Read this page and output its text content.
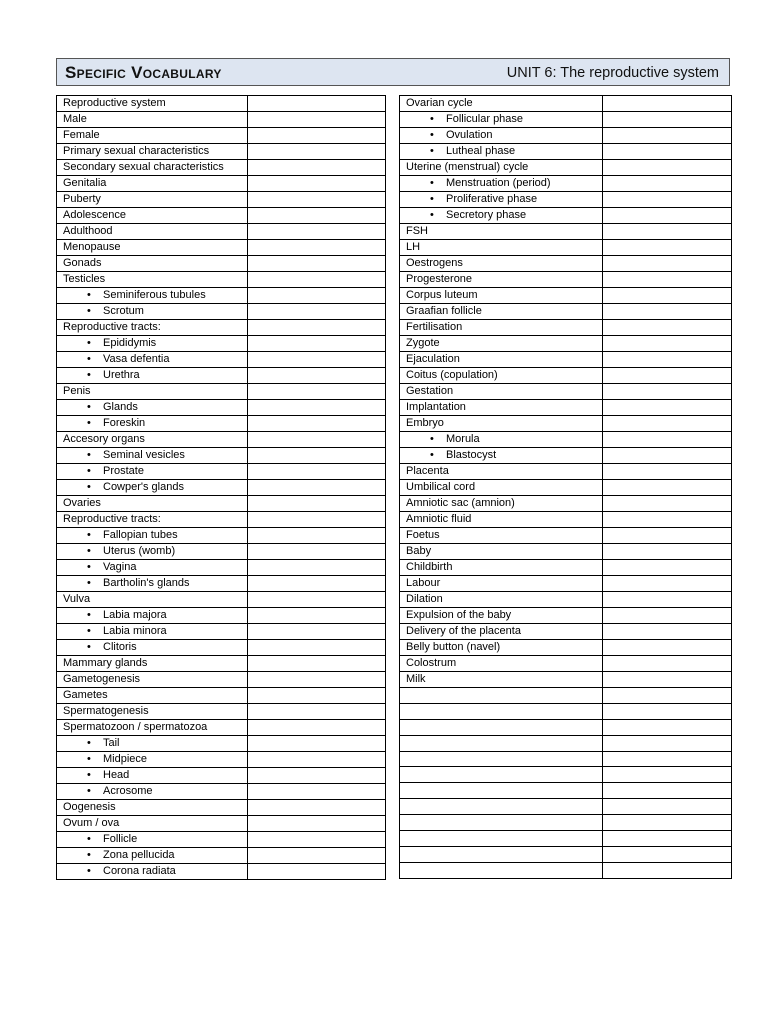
Specific Vocabulary	UNIT 6: The reproductive system
Reproductive system	
Male	
Female	
Primary sexual characteristics	
Secondary sexual characteristics	
Genitalia	
Puberty	
Adolescence	
Adulthood	
Menopause	
Gonads	
Testicles	
• Seminiferous tubules	
• Scrotum	
Reproductive tracts:	
• Epididymis	
• Vasa defentia	
• Urethra	
Penis	
• Glands	
• Foreskin	
Accesory organs	
• Seminal vesicles	
• Prostate	
• Cowper's glands	
Ovaries	
Reproductive tracts:	
• Fallopian tubes	
• Uterus (womb)	
• Vagina	
• Bartholin's glands	
Vulva	
• Labia majora	
• Labia minora	
• Clitoris	
Mammary glands	
Gametogenesis	
Gametes	
Spermatogenesis	
Spermatozoon / spermatozoa	
• Tail	
• Midpiece	
• Head	
• Acrosome	
Oogenesis	
Ovum / ova	
• Follicle	
• Zona pellucida	
• Corona radiata	
Ovarian cycle	
• Follicular phase	
• Ovulation	
• Lutheal phase	
Uterine (menstrual) cycle	
• Menstruation (period)	
• Proliferative phase	
• Secretory phase	
FSH	
LH	
Oestrogens	
Progesterone	
Corpus luteum	
Graafian follicle	
Fertilisation	
Zygote	
Ejaculation	
Coitus (copulation)	
Gestation	
Implantation	
Embryo	
• Morula	
• Blastocyst	
Placenta	
Umbilical cord	
Amniotic sac (amnion)	
Amniotic fluid	
Foetus	
Baby	
Childbirth	
Labour	
Dilation	
Expulsion of the baby	
Delivery of the placenta	
Belly button (navel)	
Colostrum	
Milk	
